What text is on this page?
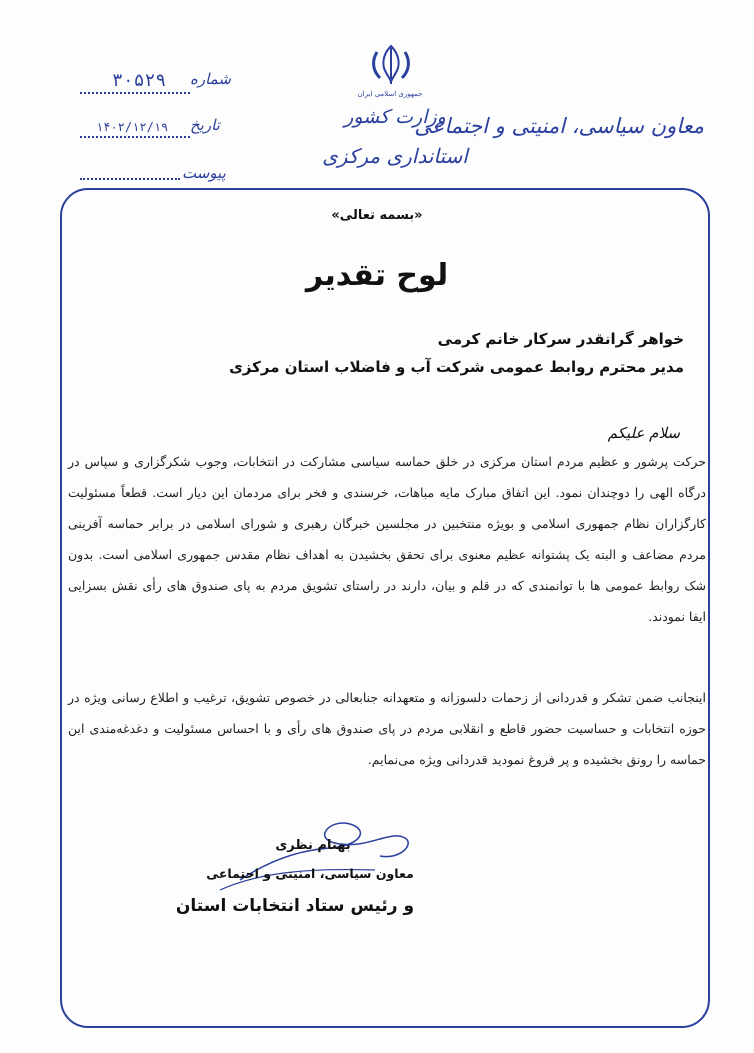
شماره
۳۰۵۲۹
تاریخ
۱۴۰۲/۱۲/۱۹
پیوست
جمهوری اسلامی ایران
وزارت کشور
استانداری مرکزی
معاون سیاسی، امنیتی و اجتماعی
«بسمه تعالی»
لوح تقدیر
خواهر گرانقدر سرکار خانم کرمی
مدیر محترم روابط عمومی شرکت آب و فاضلاب استان مرکزی
سلام علیکم
حرکت پرشور و عظیم مردم استان مرکزی در خلق حماسه سیاسی مشارکت در انتخابات، وجوب شکرگزاری و سپاس در درگاه الهی را دوچندان نمود. این اتفاق مبارک مایه مباهات، خرسندی و فخر برای مردمان این دیار است. قطعاً مسئولیت کارگزاران نظام جمهوری اسلامی و بویژه منتخبین در مجلسین خبرگان رهبری و شورای اسلامی در برابر حماسه آفرینی مردم مضاعف و البته یک پشتوانه عظیم معنوی برای تحقق بخشیدن به اهداف نظام مقدس جمهوری اسلامی است. بدون شک روابط عمومی ها با توانمندی که در قلم و بیان، دارند در راستای تشویق مردم به پای صندوق های رأی نقش بسزایی ایفا نمودند.
اینجانب ضمن تشکر و قدردانی از زحمات دلسوزانه و متعهدانه جنابعالی در خصوص تشویق، ترغیب و اطلاع رسانی ویژه در حوزه انتخابات و حساسیت حضور قاطع و انقلابی مردم در پای صندوق های رأی و با احساس مسئولیت و دغدغه‌مندی این حماسه را رونق بخشیده و پر فروغ نمودید قدردانی ویژه می‌نمایم.
بهنام نظری
معاون سیاسی، امنیتی و اجتماعی
و رئیس ستاد انتخابات استان
